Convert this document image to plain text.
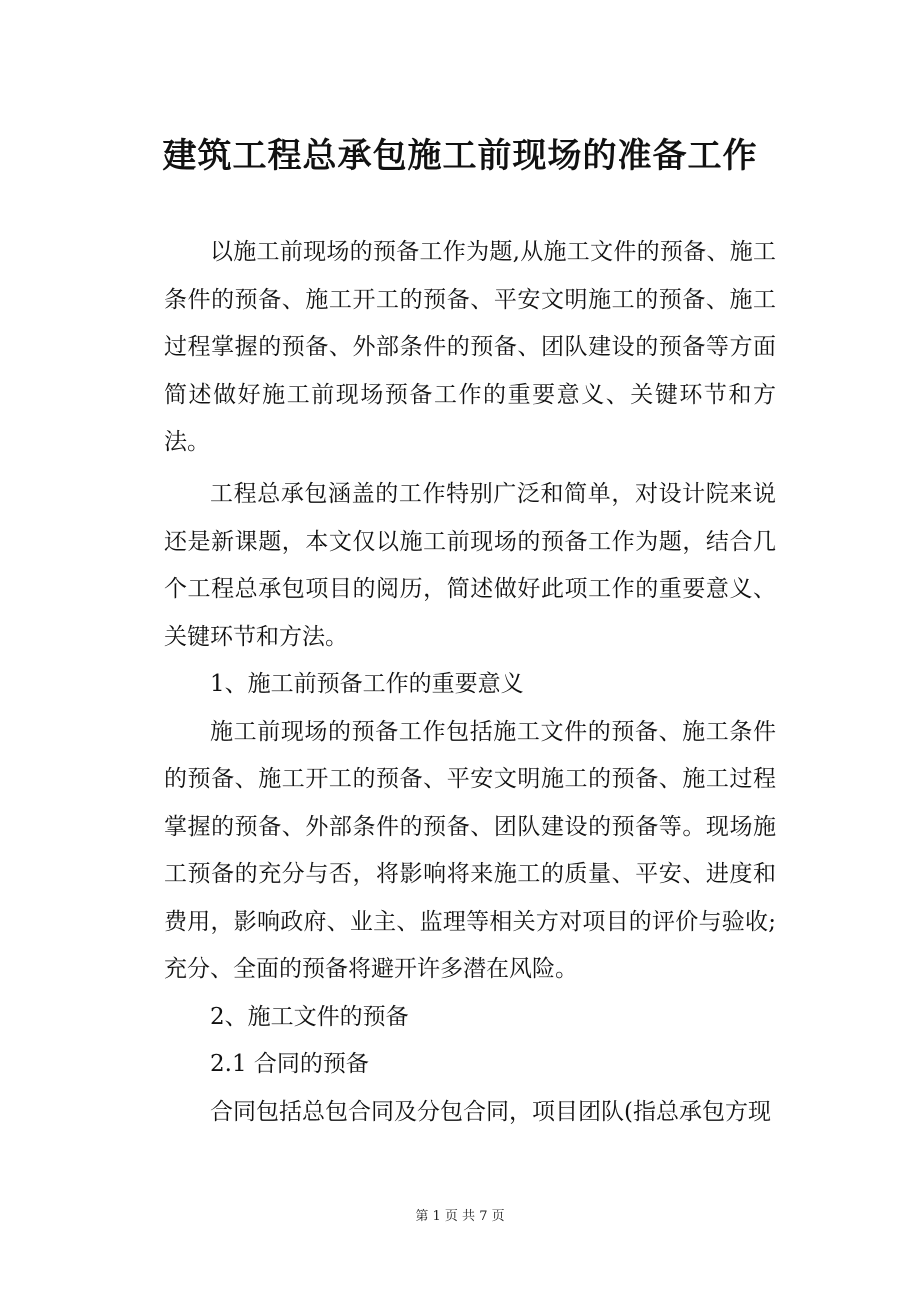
建筑工程总承包施工前现场的准备工作

以施工前现场的预备工作为题,从施工文件的预备、施工条件的预备、施工开工的预备、平安文明施工的预备、施工过程掌握的预备、外部条件的预备、团队建设的预备等方面简述做好施工前现场预备工作的重要意义、关键环节和方法。

工程总承包涵盖的工作特别广泛和简单，对设计院来说还是新课题，本文仅以施工前现场的预备工作为题，结合几个工程总承包项目的阅历，简述做好此项工作的重要意义、关键环节和方法。

1、施工前预备工作的重要意义

施工前现场的预备工作包括施工文件的预备、施工条件的预备、施工开工的预备、平安文明施工的预备、施工过程掌握的预备、外部条件的预备、团队建设的预备等。现场施工预备的充分与否，将影响将来施工的质量、平安、进度和费用，影响政府、业主、监理等相关方对项目的评价与验收;充分、全面的预备将避开许多潜在风险。

2、施工文件的预备

2.1 合同的预备

合同包括总包合同及分包合同，项目团队(指总承包方现

第 1 页 共 7 页
